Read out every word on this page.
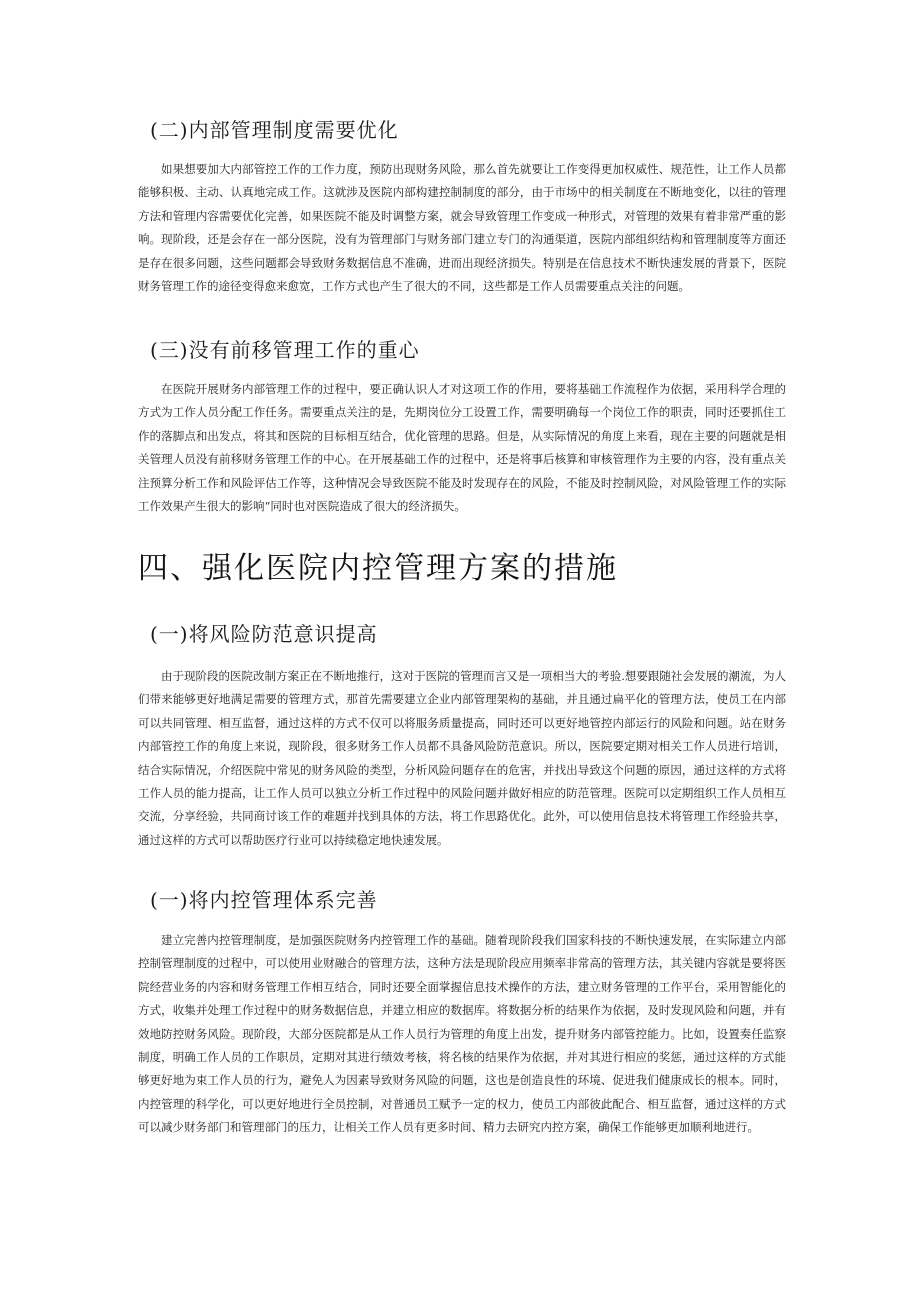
(二)内部管理制度需要优化

如果想要加大内部管控工作的工作力度，预防出现财务风险，那么首先就要让工作变得更加权威性、规范性，让工作人员都能够积极、主动、认真地完成工作。这就涉及医院内部构建控制制度的部分，由于市场中的相关制度在不断地变化，以往的管理方法和管理内容需要优化完善，如果医院不能及时调整方案，就会导致管理工作变成一种形式，对管理的效果有着非常严重的影响。现阶段，还是会存在一部分医院，没有为管理部门与财务部门建立专门的沟通渠道，医院内部组织结构和管理制度等方面还是存在很多问题，这些问题都会导致财务数据信息不准确，进而出现经济损失。特别是在信息技术不断快速发展的背景下，医院财务管理工作的途径变得愈来愈宽，工作方式也产生了很大的不同，这些都是工作人员需要重点关注的问题。

(三)没有前移管理工作的重心

在医院开展财务内部管理工作的过程中，要正确认识人才对这项工作的作用，要将基础工作流程作为依据，采用科学合理的方式为工作人员分配工作任务。需要重点关注的是，先期岗位分工设置工作，需要明确每一个岗位工作的职责，同时还要抓住工作的落脚点和出发点，将其和医院的目标相互结合，优化管理的思路。但是，从实际情况的角度上来看，现在主要的问题就是相关管理人员没有前移财务管理工作的中心。在开展基础工作的过程中，还是将事后核算和审核管理作为主要的内容，没有重点关注预算分析工作和风险评估工作等，这种情况会导致医院不能及时发现存在的风险，不能及时控制风险，对风险管理工作的实际工作效果产生很大的影响“同时也对医院造成了很大的经济损失。

四、强化医院内控管理方案的措施
(一)将风险防范意识提高

由于现阶段的医院改制方案正在不断地推行，这对于医院的管理而言又是一项相当大的考验.想要跟随社会发展的潮流，为人们带来能够更好地满足需要的管理方式，那首先需要建立企业内部管理架构的基础，并且通过扁平化的管理方法，使员工在内部可以共同管理、相互监督，通过这样的方式不仅可以将服务质量提高，同时还可以更好地管控内部运行的风险和问题。站在财务内部管控工作的角度上来说，现阶段，很多财务工作人员都不具备风险防范意识。所以，医院要定期对相关工作人员进行培训，结合实际情况，介绍医院中常见的财务风险的类型，分析风险问题存在的危害，并找出导致这个问题的原因，通过这样的方式将工作人员的能力提高，让工作人员可以独立分析工作过程中的风险问题并做好相应的防范管理。医院可以定期组织工作人员相互交流，分享经验，共同商讨该工作的难题并找到具体的方法，将工作思路优化。此外，可以使用信息技术将管理工作经验共享，通过这样的方式可以帮助医疗行业可以持续稳定地快速发展。

(一)将内控管理体系完善

建立完善内控管理制度，是加强医院财务内控管理工作的基础。随着现阶段我们国家科技的不断快速发展，在实际建立内部控制管理制度的过程中，可以使用业财融合的管理方法，这种方法是现阶段应用频率非常高的管理方法，其关键内容就是要将医院经营业务的内容和财务管理工作相互结合，同时还要全面掌握信息技术操作的方法，建立财务管理的工作平台，采用智能化的方式，收集并处理工作过程中的财务数据信息，并建立相应的数据库。将数据分析的结果作为依据，及时发现风险和问题，并有效地防控财务风险。现阶段，大部分医院都是从工作人员行为管理的角度上出发，提升财务内部管控能力。比如，设置奏任监察制度，明确工作人员的工作职员，定期对其进行绩效考核，将名核的结果作为依据，并对其进行相应的奖惩，通过这样的方式能够更好地为束工作人员的行为，避免人为因素导致财务风险的问题，这也是创造良性的环境、促进我们健康成长的根本。同时，内控管理的科学化，可以更好地进行全员控制，对普通员工赋予一定的权力，使员工内部彼此配合、相互监督，通过这样的方式可以减少财务部门和管理部门的压力，让相关工作人员有更多时间、精力去研究内控方案，确保工作能够更加顺利地进行。
